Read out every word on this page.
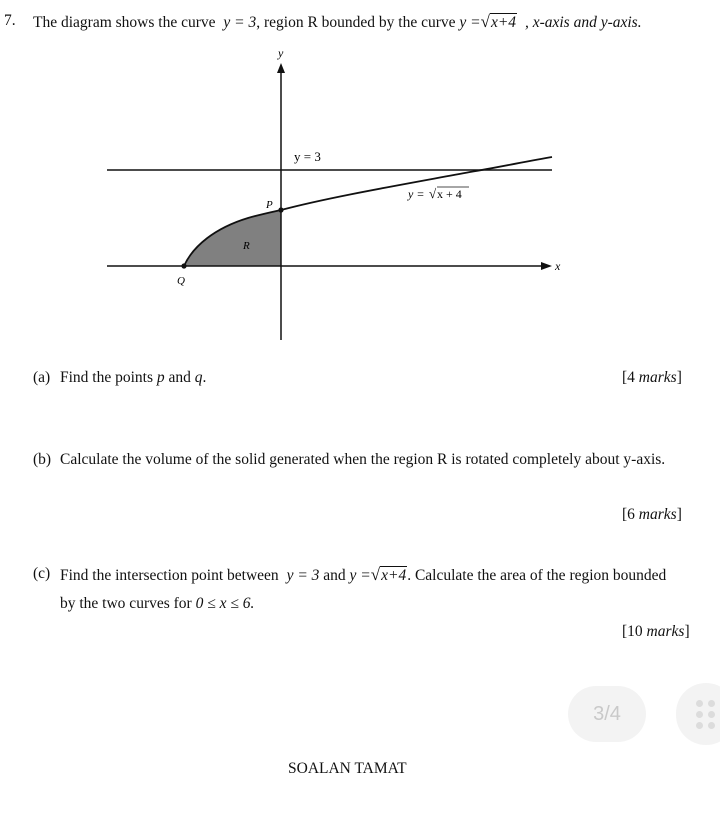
7. The diagram shows the curve y = 3, region R bounded by the curve y =√x+4 , x-axis and y-axis.
y
x
y = 3
y = √ x + 4
P
Q
R
(a) Find the points p and q.	[4 marks]
(b) Calculate the volume of the solid generated when the region R is rotated completely about y-axis.
[6 marks]
(c) Find the intersection point between y = 3 and y =√x+4. Calculate the area of the region bounded
by the two curves for 0 ≤ x ≤ 6.
[10 marks]
3/4
SOALAN TAMAT
